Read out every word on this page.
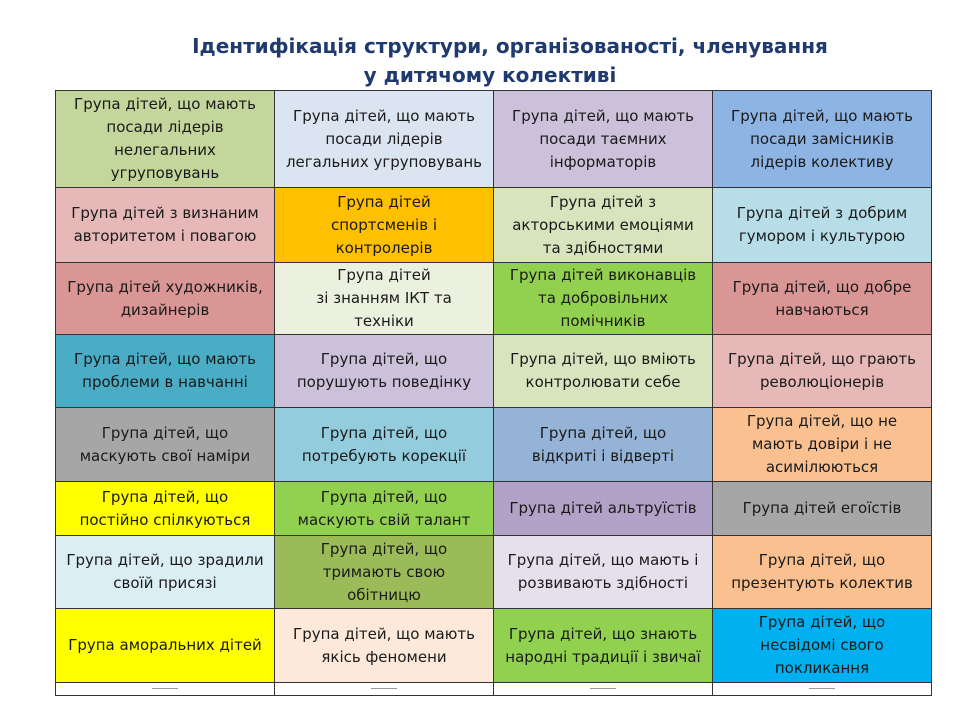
Ідентифікація структури, організованості, членування
у дитячому колективі
Група дітей, що мають
посади лідерів
нелегальних
угруповувань	Група дітей, що мають
посади лідерів
легальних угруповувань	Група дітей, що мають
посади таємних
інформаторів	Група дітей, що мають
посади замісників
лідерів колективу
Група дітей з визнаним
авторитетом і повагою	Група дітей
спортсменів і
контролерів	Група дітей з
акторськими емоціями
та здібностями	Група дітей з добрим
гумором і культурою
Група дітей художників,
дизайнерів	Група дітей
зі знанням ІКТ та
техніки	Група дітей виконавців
та добровільних
помічників	Група дітей, що добре
навчаються
Група дітей, що мають
проблеми в навчанні	Група дітей, що
порушують поведінку	Група дітей, що вміють
контролювати себе	Група дітей, що грають
революціонерів
Група дітей, що
маскують свої наміри	Група дітей, що
потребують корекції	Група дітей, що
відкриті і відверті	Група дітей, що не
мають довіри і не
асимілюються
Група дітей, що
постійно спілкуються	Група дітей, що
маскують свій талант	Група дітей альтруїстів	Група дітей егоїстів
Група дітей, що зрадили
своїй присязі	Група дітей, що
тримають свою
обітницю	Група дітей, що мають і
розвивають здібності	Група дітей, що
презентують колектив
Група аморальних дітей	Група дітей, що мають
якісь феномени	Група дітей, що знають
народні традиції і звичаї	Група дітей, що
несвідомі свого
покликання
